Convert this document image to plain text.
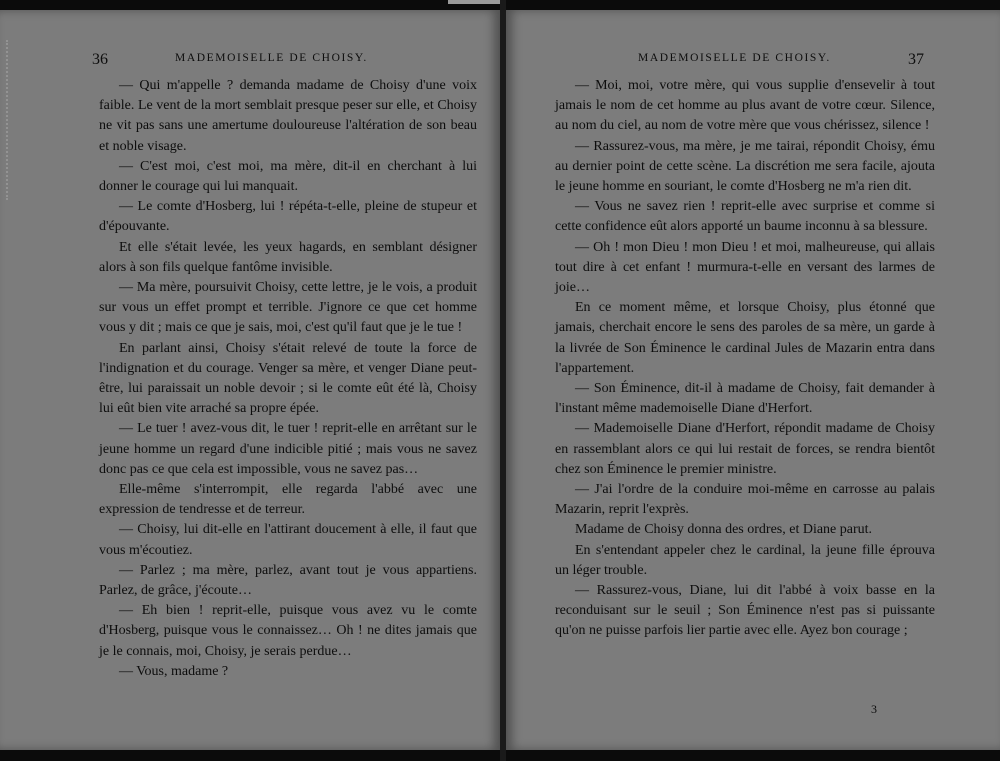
36	MADEMOISELLE DE CHOISY.

— Qui m'appelle ? demanda madame de Choisy d'une voix faible. Le vent de la mort semblait presque peser sur elle, et Choisy ne vit pas sans une amertume douloureuse l'altération de son beau et noble visage.

— C'est moi, c'est moi, ma mère, dit-il en cherchant à lui donner le courage qui lui manquait.

— Le comte d'Hosberg, lui ! répéta-t-elle, pleine de stupeur et d'épouvante.

Et elle s'était levée, les yeux hagards, en semblant désigner alors à son fils quelque fantôme invisible.

— Ma mère, poursuivit Choisy, cette lettre, je le vois, a produit sur vous un effet prompt et terrible. J'ignore ce que cet homme vous y dit ; mais ce que je sais, moi, c'est qu'il faut que je le tue !

En parlant ainsi, Choisy s'était relevé de toute la force de l'indignation et du courage. Venger sa mère, et venger Diane peut-être, lui paraissait un noble devoir ; si le comte eût été là, Choisy lui eût bien vite arraché sa propre épée.

— Le tuer ! avez-vous dit, le tuer ! reprit-elle en arrêtant sur le jeune homme un regard d'une indicible pitié ; mais vous ne savez donc pas ce que cela est impossible, vous ne savez pas…

Elle-même s'interrompit, elle regarda l'abbé avec une expression de tendresse et de terreur.

— Choisy, lui dit-elle en l'attirant doucement à elle, il faut que vous m'écoutiez.

— Parlez ; ma mère, parlez, avant tout je vous appartiens. Parlez, de grâce, j'écoute…

— Eh bien ! reprit-elle, puisque vous avez vu le comte d'Hosberg, puisque vous le connaissez… Oh ! ne dites jamais que je le connais, moi, Choisy, je serais perdue…

— Vous, madame ?

MADEMOISELLE DE CHOISY.	37

— Moi, moi, votre mère, qui vous supplie d'ensevelir à tout jamais le nom de cet homme au plus avant de votre cœur. Silence, au nom du ciel, au nom de votre mère que vous chérissez, silence !

— Rassurez-vous, ma mère, je me tairai, répondit Choisy, ému au dernier point de cette scène. La discrétion me sera facile, ajouta le jeune homme en souriant, le comte d'Hosberg ne m'a rien dit.

— Vous ne savez rien ! reprit-elle avec surprise et comme si cette confidence eût alors apporté un baume inconnu à sa blessure.

— Oh ! mon Dieu ! mon Dieu ! et moi, malheureuse, qui allais tout dire à cet enfant ! murmura-t-elle en versant des larmes de joie…

En ce moment même, et lorsque Choisy, plus étonné que jamais, cherchait encore le sens des paroles de sa mère, un garde à la livrée de Son Éminence le cardinal Jules de Mazarin entra dans l'appartement.

— Son Éminence, dit-il à madame de Choisy, fait demander à l'instant même mademoiselle Diane d'Herfort.

— Mademoiselle Diane d'Herfort, répondit madame de Choisy en rassemblant alors ce qui lui restait de forces, se rendra bientôt chez son Éminence le premier ministre.

— J'ai l'ordre de la conduire moi-même en carrosse au palais Mazarin, reprit l'exprès.

Madame de Choisy donna des ordres, et Diane parut.

En s'entendant appeler chez le cardinal, la jeune fille éprouva un léger trouble.

— Rassurez-vous, Diane, lui dit l'abbé à voix basse en la reconduisant sur le seuil ; Son Éminence n'est pas si puissante qu'on ne puisse parfois lier partie avec elle. Ayez bon courage ;

3
